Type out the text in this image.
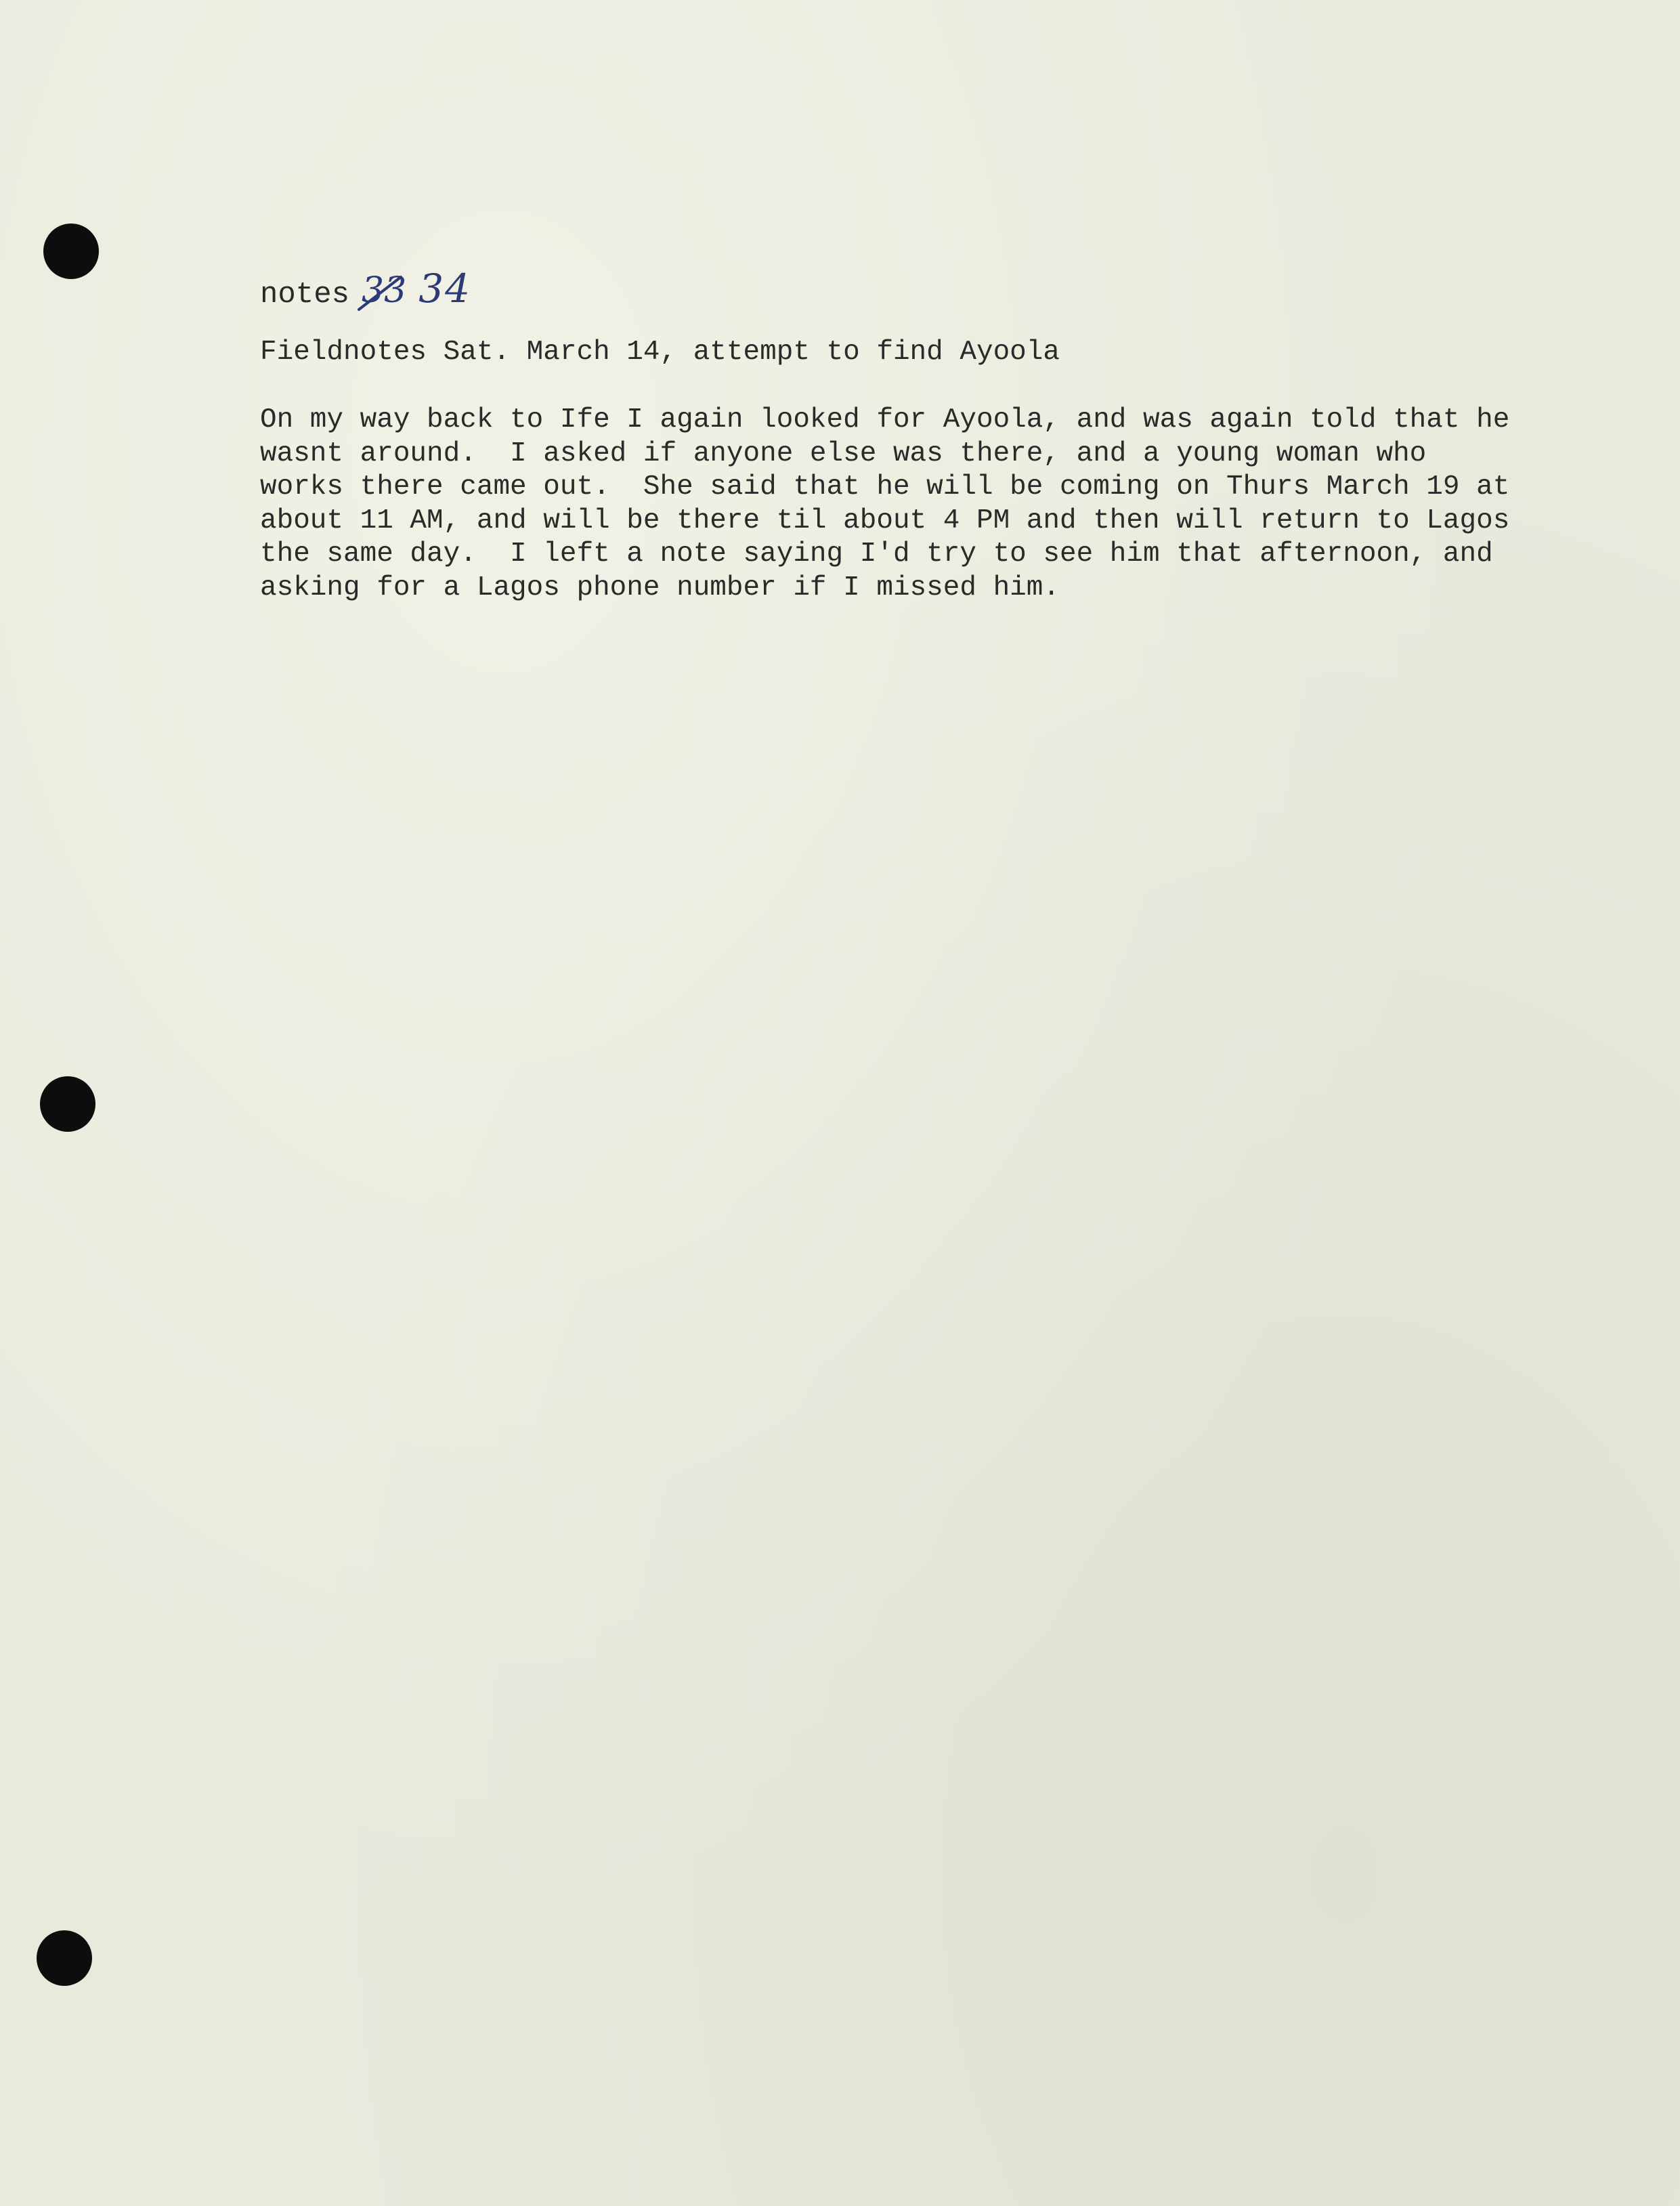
notes 33 34
Fieldnotes Sat. March 14, attempt to find Ayoola
On my way back to Ife I again looked for Ayoola, and was again told that he
wasnt around.  I asked if anyone else was there, and a young woman who
works there came out.  She said that he will be coming on Thurs March 19 at
about 11 AM, and will be there til about 4 PM and then will return to Lagos
the same day.  I left a note saying I'd try to see him that afternoon, and
asking for a Lagos phone number if I missed him.
